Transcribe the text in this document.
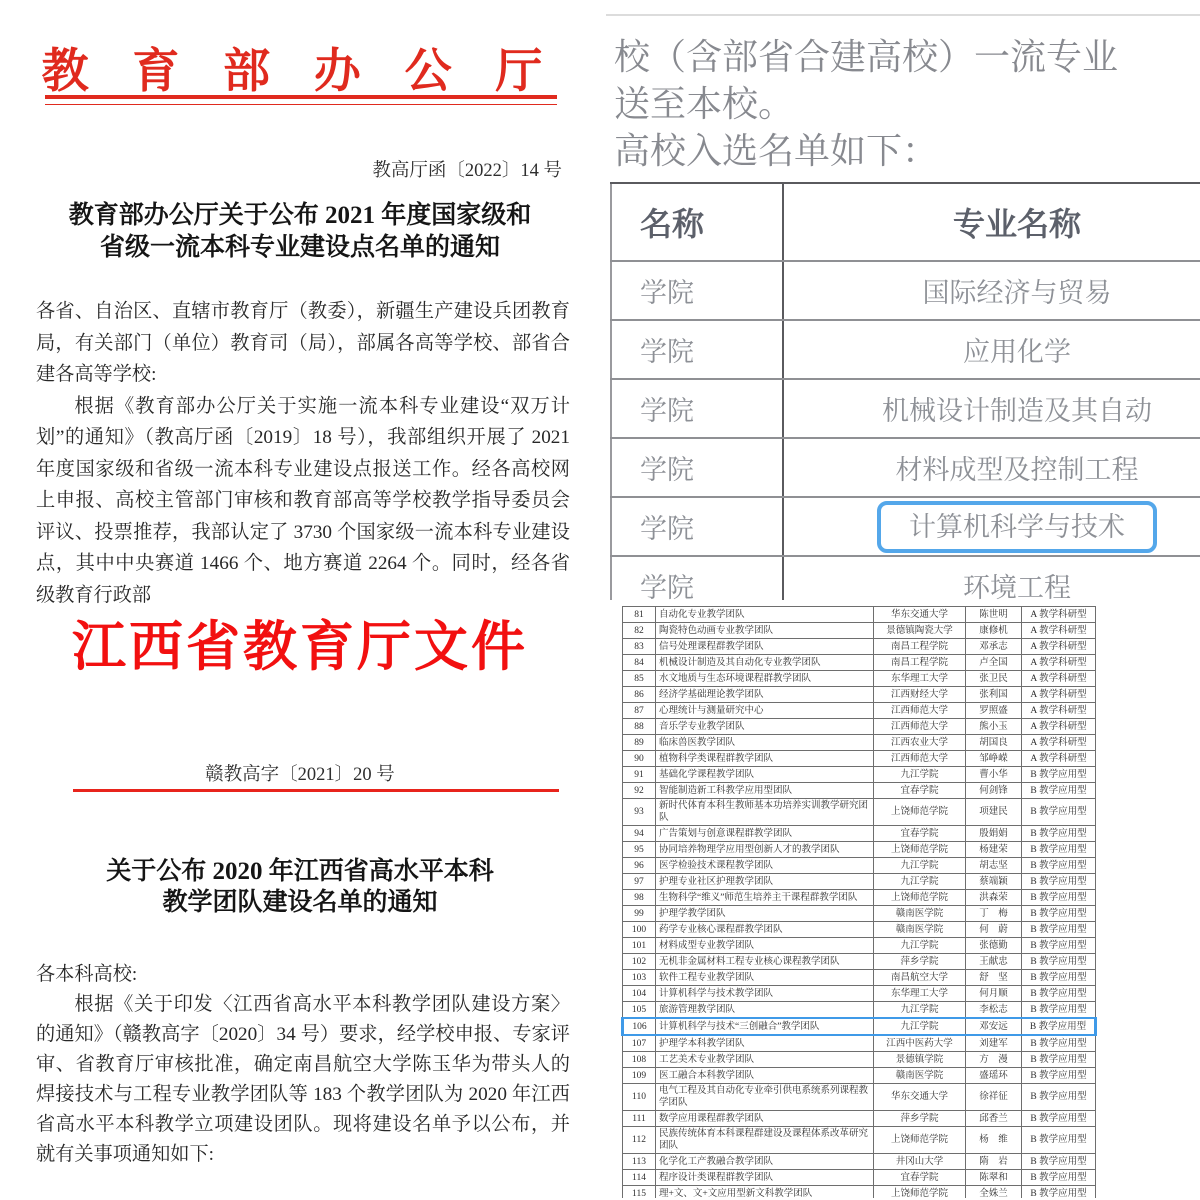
教 育 部 办 公 厅
教高厅函〔2022〕14 号
教育部办公厅关于公布 2021 年度国家级和
省级一流本科专业建设点名单的通知

各省、自治区、直辖市教育厅（教委），新疆生产建设兵团教育局，有关部门（单位）教育司（局），部属各高等学校、部省合建各高等学校:

根据《教育部办公厅关于实施一流本科专业建设“双万计划”的通知》（教高厅函〔2019〕18 号），我部组织开展了 2021 年度国家级和省级一流本科专业建设点报送工作。经各高校网上申报、高校主管部门审核和教育部高等学校教学指导委员会评议、投票推荐，我部认定了 3730 个国家级一流本科专业建设点，其中中央赛道 1466 个、地方赛道 2264 个。同时，经各省级教育行政部

江西省教育厅文件
赣教高字〔2021〕20 号
关于公布 2020 年江西省高水平本科
教学团队建设名单的通知

各本科高校:

根据《关于印发〈江西省高水平本科教学团队建设方案〉的通知》（赣教高字〔2020〕34 号）要求，经学校申报、专家评审、省教育厅审核批准，确定南昌航空大学陈玉华为带头人的焊接技术与工程专业教学团队等 183 个教学团队为 2020 年江西省高水平本科教学立项建设团队。现将建设名单予以公布，并就有关事项通知如下:

校（含部省合建高校）一流专业
送至本校。
高校入选名单如下：
名称	专业名称
学院	国际经济与贸易
学院	应用化学
学院	机械设计制造及其自动
学院	材料成型及控制工程
学院	计算机科学与技术
学院	环境工程
81	自动化专业教学团队	华东交通大学	陈世明	A 教学科研型
82	陶瓷特色动画专业教学团队	景德镇陶瓷大学	康修机	A 教学科研型
83	信号处理课程群教学团队	南昌工程学院	邓承志	A 教学科研型
84	机械设计制造及其自动化专业教学团队	南昌工程学院	卢全国	A 教学科研型
85	水文地质与生态环境课程群教学团队	东华理工大学	张卫民	A 教学科研型
86	经济学基础理论教学团队	江西财经大学	张利国	A 教学科研型
87	心理统计与测量研究中心	江西师范大学	罗照盛	A 教学科研型
88	音乐学专业教学团队	江西师范大学	熊小玉	A 教学科研型
89	临床兽医教学团队	江西农业大学	胡国良	A 教学科研型
90	植物科学类课程群教学团队	江西师范大学	邹峥嵘	A 教学科研型
91	基础化学课程教学团队	九江学院	曹小华	B 教学应用型
92	智能制造新工科教学应用型团队	宜春学院	何剑锋	B 教学应用型
93	新时代体育本科生教师基本功培养实训教学研究团队	上饶师范学院	项建民	B 教学应用型
94	广告策划与创意课程群教学团队	宜春学院	殷娟娟	B 教学应用型
95	协同培养物理学应用型创新人才的教学团队	上饶师范学院	杨建荣	B 教学应用型
96	医学检验技术课程教学团队	九江学院	胡志坚	B 教学应用型
97	护理专业社区护理教学团队	九江学院	蔡端颖	B 教学应用型
98	生物科学“维义”师范生培养主干课程群教学团队	上饶师范学院	洪森荣	B 教学应用型
99	护理学教学团队	赣南医学院	丁　梅	B 教学应用型
100	药学专业核心课程群教学团队	赣南医学院	何　蔚	B 教学应用型
101	材料成型专业教学团队	九江学院	张德勤	B 教学应用型
102	无机非金属材料工程专业核心课程教学团队	萍乡学院	王献忠	B 教学应用型
103	软件工程专业教学团队	南昌航空大学	舒　坚	B 教学应用型
104	计算机科学与技术教学团队	东华理工大学	何月顺	B 教学应用型
105	旅游管理教学团队	九江学院	李松志	B 教学应用型
106	计算机科学与技术“三创融合”教学团队	九江学院	邓安远	B 教学应用型
107	护理学本科教学团队	江西中医药大学	刘建军	B 教学应用型
108	工艺美术专业教学团队	景德镇学院	方　漫	B 教学应用型
109	医工融合本科教学团队	赣南医学院	盛瑶环	B 教学应用型
110	电气工程及其自动化专业牵引供电系统系列课程教学团队	华东交通大学	徐祥征	B 教学应用型
111	数学应用课程群教学团队	萍乡学院	邱香兰	B 教学应用型
112	民族传统体育本科课程群建设及课程体系改革研究团队	上饶师范学院	杨　维	B 教学应用型
113	化学化工产教融合教学团队	井冈山大学	隋　岩	B 教学应用型
114	程序设计类课程群教学团队	宜春学院	陈翠和	B 教学应用型
115	理+文、文+文应用型新文科教学团队	上饶师范学院	全姝兰	B 教学应用型
